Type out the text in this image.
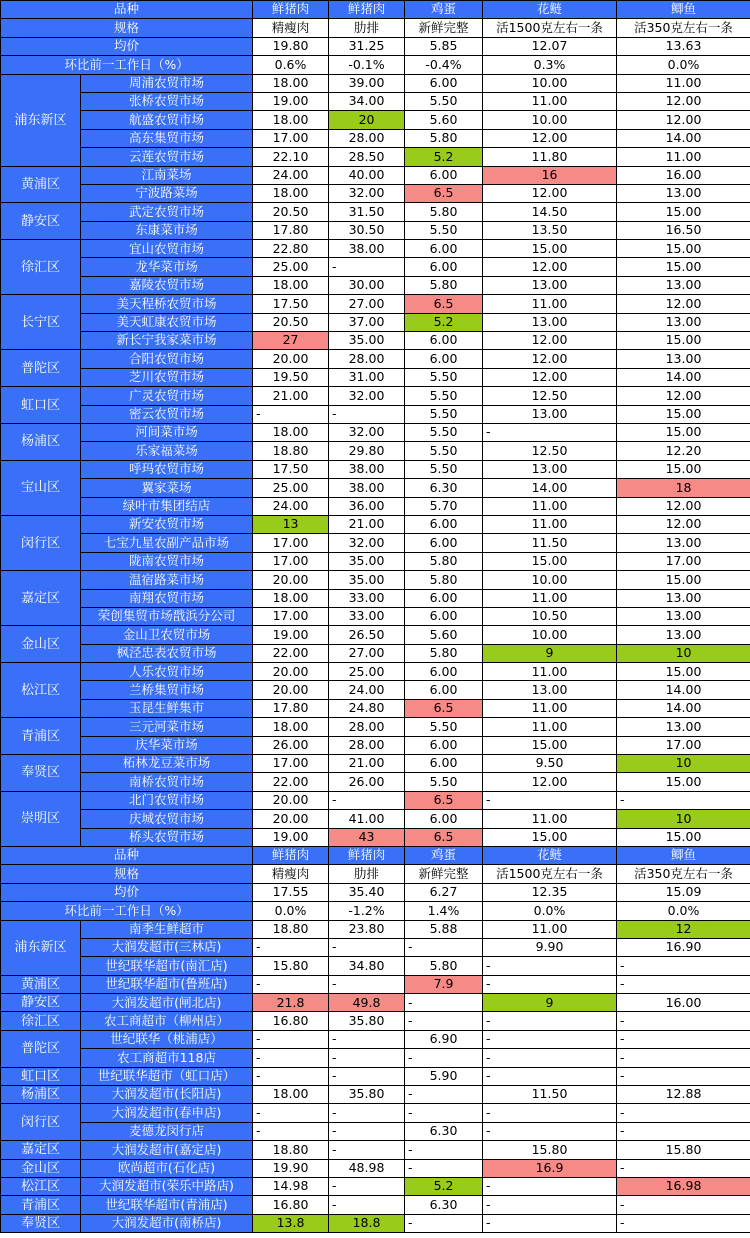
品种		鲜猪肉	鲜猪肉	鸡蛋	花鲢	鲫鱼
规格		精瘦肉	肋排	新鲜完整	活1500克左右一条	活350克左右一条
均价		19.80	31.25	5.85	12.07	13.63
环比前一工作日（%）		0.6%	-0.1%	-0.4%	0.3%	0.0%
浦东新区	周浦农贸市场	18.00	39.00	6.00	10.00	11.00
	张桥农贸市场	19.00	34.00	5.50	11.00	12.00
	航盛农贸市场	18.00	20	5.60	10.00	12.00
	高东集贸市场	17.00	28.00	5.80	12.00	14.00
	云莲农贸市场	22.10	28.50	5.2	11.80	11.00
黄浦区	江南菜场	24.00	40.00	6.00	16	16.00
	宁波路菜场	18.00	32.00	6.5	12.00	13.00
静安区	武定农贸市场	20.50	31.50	5.80	14.50	15.00
	东康菜市场	17.80	30.50	5.50	13.50	16.50
徐汇区	宜山农贸市场	22.80	38.00	6.00	15.00	15.00
	龙华菜市场	25.00	-	6.00	12.00	15.00
	嘉陵农贸市场	18.00	30.00	5.80	13.00	13.00
长宁区	美天程桥农贸市场	17.50	27.00	6.5	11.00	12.00
	美天虹康农贸市场	20.50	37.00	5.2	13.00	13.00
	新长宁我家菜市场	27	35.00	6.00	12.00	15.00
普陀区	合阳农贸市场	20.00	28.00	6.00	12.00	13.00
	芝川农贸市场	19.50	31.00	5.50	12.00	14.00
虹口区	广灵农贸市场	21.00	32.00	5.50	12.50	12.00
	密云农贸市场	-	-	5.50	13.00	15.00
杨浦区	河间菜市场	18.00	32.00	5.50	-	15.00
	乐家福菜场	18.80	29.80	5.50	12.50	12.20
宝山区	呼玛农贸市场	17.50	38.00	5.50	13.00	15.00
	翼家菜场	25.00	38.00	6.30	14.00	18
	绿叶市集团结店	24.00	36.00	5.70	11.00	12.00
闵行区	新安农贸市场	13	21.00	6.00	11.00	12.00
	七宝九星农副产品市场	17.00	32.00	6.00	11.50	13.00
	陇南农贸市场	17.00	35.00	5.80	15.00	17.00
嘉定区	温宿路菜市场	20.00	35.00	5.80	10.00	15.00
	南翔农贸市场	18.00	33.00	6.00	11.00	13.00
	荣创集贸市场戬浜分公司	17.00	33.00	6.00	10.50	13.00
金山区	金山卫农贸市场	19.00	26.50	5.60	10.00	13.00
	枫泾忠表农贸市场	22.00	27.00	5.80	9	10
松江区	人乐农贸市场	20.00	25.00	6.00	11.00	15.00
	兰桥集贸市场	20.00	24.00	6.00	13.00	14.00
	玉昆生鲜集市	17.80	24.80	6.5	11.00	14.00
青浦区	三元河菜市场	18.00	28.00	5.50	11.00	13.00
	庆华菜市场	26.00	28.00	6.00	15.00	17.00
奉贤区	柘林龙豆菜市场	17.00	21.00	6.00	9.50	10
	南桥农贸市场	22.00	26.00	5.50	12.00	15.00
崇明区	北门农贸市场	20.00	-	6.5	-	-
	庆城农贸市场	20.00	41.00	6.00	11.00	10
	桥头农贸市场	19.00	43	6.5	15.00	15.00
品种		鲜猪肉	鲜猪肉	鸡蛋	花鲢	鲫鱼
规格		精瘦肉	肋排	新鲜完整	活1500克左右一条	活350克左右一条
均价		17.55	35.40	6.27	12.35	15.09
环比前一工作日（%）		0.0%	-1.2%	1.4%	0.0%	0.0%
浦东新区	南季生鲜超市	18.80	23.80	5.88	11.00	12
	大润发超市(三林店)	-	-	-	9.90	16.90
	世纪联华超市(南汇店)	15.80	34.80	5.80	-	-
黄浦区	世纪联华超市(鲁班店)	-	-	7.9	-	-
静安区	大润发超市(闸北店)	21.8	49.8	-	9	16.00
徐汇区	农工商超市（柳州店）	16.80	35.80	-	-	-
普陀区	世纪联华（桃浦店）	-	-	6.90	-	-
	农工商超市118店	-	-	-	-	-
虹口区	世纪联华超市（虹口店）	-	-	5.90	-	-
杨浦区	大润发超市(长阳店)	18.00	35.80	-	11.50	12.88
闵行区	大润发超市(春申店)	-	-	-	-	-
	麦德龙闵行店	-	-	6.30	-	-
嘉定区	大润发超市(嘉定店)	18.80	-	-	15.80	15.80
金山区	欧尚超市(石化店)	19.90	48.98	-	16.9	-
松江区	大润发超市(荣乐中路店)	14.98	-	5.2	-	16.98
青浦区	世纪联华超市(青浦店)	16.80	-	6.30	-	-
奉贤区	大润发超市(南桥店)	13.8	18.8	-	-	-
